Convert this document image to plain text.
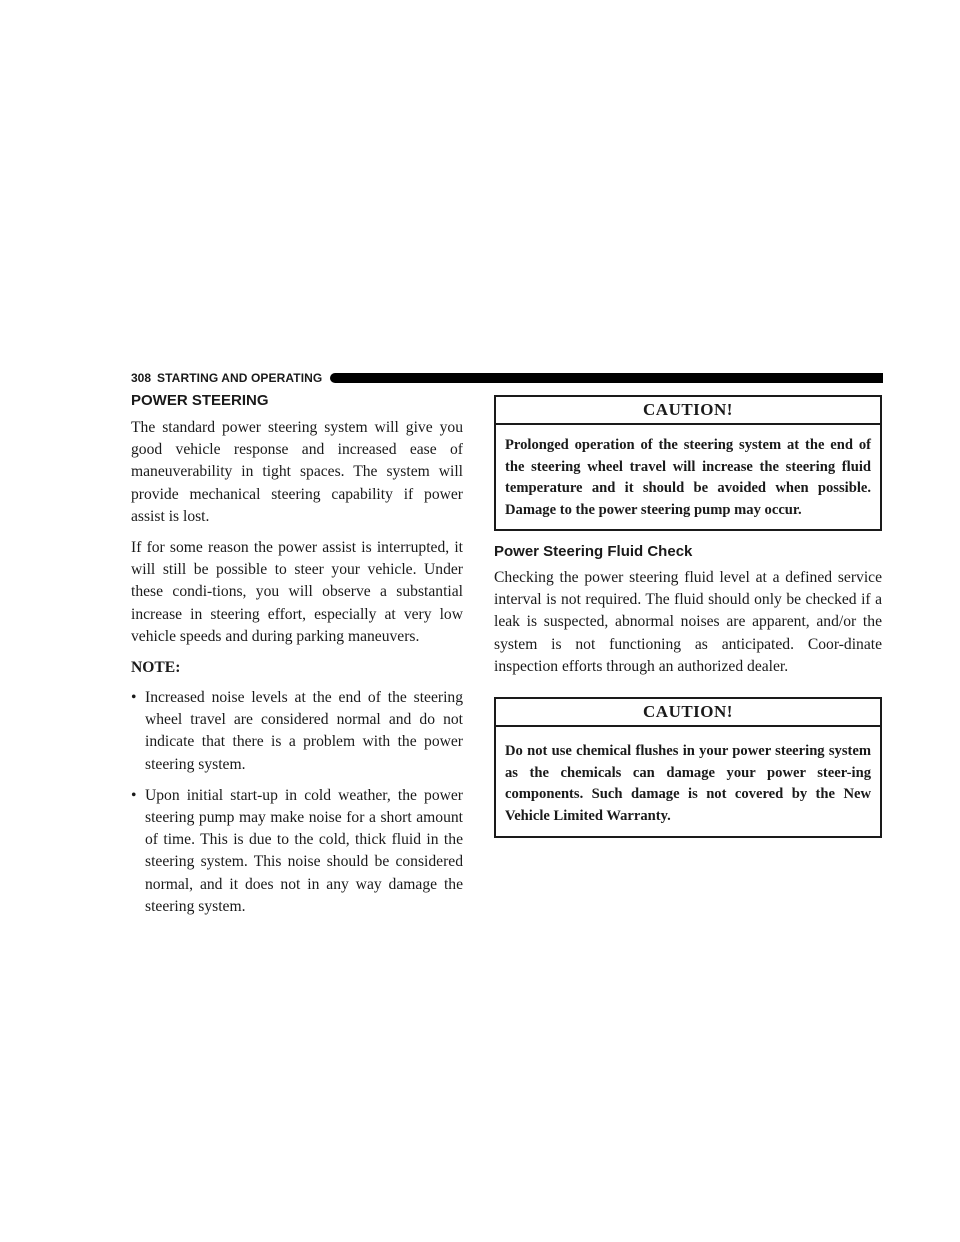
308 STARTING AND OPERATING
POWER STEERING

The standard power steering system will give you good vehicle response and increased ease of maneuverability in tight spaces. The system will provide mechanical steering capability if power assist is lost.

If for some reason the power assist is interrupted, it will still be possible to steer your vehicle. Under these condi-tions, you will observe a substantial increase in steering effort, especially at very low vehicle speeds and during parking maneuvers.

NOTE:

• Increased noise levels at the end of the steering wheel travel are considered normal and do not indicate that there is a problem with the power steering system.
• Upon initial start-up in cold weather, the power steering pump may make noise for a short amount of time. This is due to the cold, thick fluid in the steering system. This noise should be considered normal, and it does not in any way damage the steering system.
CAUTION!
Prolonged operation of the steering system at the end of the steering wheel travel will increase the steering fluid temperature and it should be avoided when possible. Damage to the power steering pump may occur.
Power Steering Fluid Check

Checking the power steering fluid level at a defined service interval is not required. The fluid should only be checked if a leak is suspected, abnormal noises are apparent, and/or the system is not functioning as anticipated. Coor-dinate inspection efforts through an authorized dealer.

CAUTION!
Do not use chemical flushes in your power steering system as the chemicals can damage your power steer-ing components. Such damage is not covered by the New Vehicle Limited Warranty.
